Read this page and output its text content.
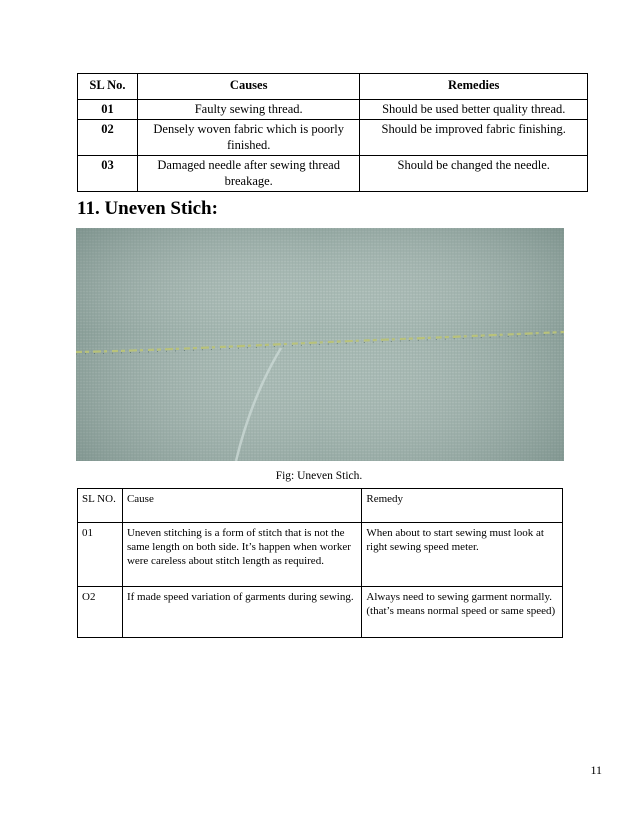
SL No.	Causes	Remedies
01	Faulty sewing thread.	Should be used better quality thread.
02	Densely woven fabric which is poorly finished.	Should be improved fabric finishing.
03	Damaged needle after sewing thread breakage.	Should be changed the needle.
11. Uneven Stich:
Fig: Uneven Stich.
SL NO.	Cause	Remedy
01	Uneven stitching is a form of stitch that is not the same length on both side. It’s happen when worker were careless about stitch length as required.	When about to start sewing must look at right sewing speed meter.
O2	If made speed variation of garments during sewing.	Always need to sewing garment normally.(that’s means normal speed or same speed)
11
